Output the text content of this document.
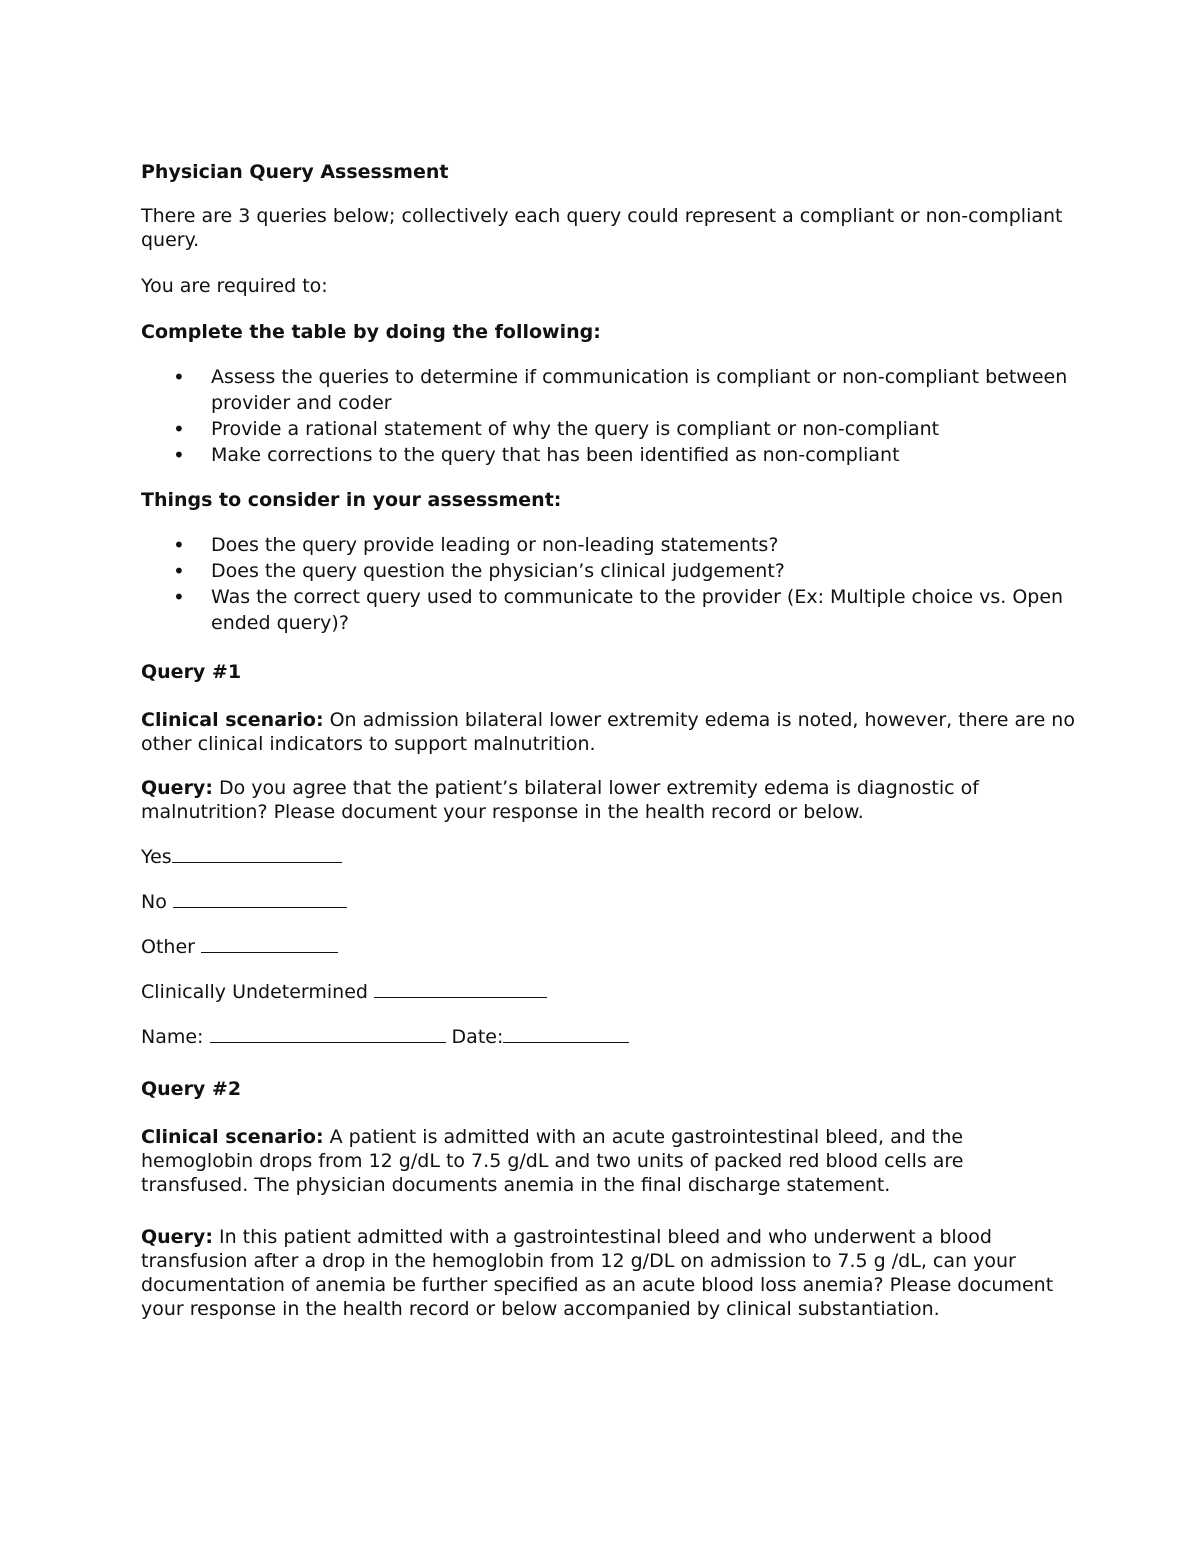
Physician Query Assessment

There are 3 queries below; collectively each query could represent a compliant or non-compliant query.

You are required to:

Complete the table by doing the following:

• Assess the queries to determine if communication is compliant or non-compliant between provider and coder
• Provide a rational statement of why the query is compliant or non-compliant
• Make corrections to the query that has been identified as non-compliant

Things to consider in your assessment:

• Does the query provide leading or non-leading statements?
• Does the query question the physician’s clinical judgement?
• Was the correct query used to communicate to the provider (Ex: Multiple choice vs. Open ended query)?

Query #1

Clinical scenario: On admission bilateral lower extremity edema is noted, however, there are no other clinical indicators to support malnutrition.

Query: Do you agree that the patient’s bilateral lower extremity edema is diagnostic of malnutrition? Please document your response in the health record or below.

Yes

No

Other

Clinically Undetermined

Name:	Date:

Query #2

Clinical scenario: A patient is admitted with an acute gastrointestinal bleed, and the hemoglobin drops from 12 g/dL to 7.5 g/dL and two units of packed red blood cells are transfused. The physician documents anemia in the final discharge statement.

Query: In this patient admitted with a gastrointestinal bleed and who underwent a blood transfusion after a drop in the hemoglobin from 12 g/DL on admission to 7.5 g /dL, can your documentation of anemia be further specified as an acute blood loss anemia? Please document your response in the health record or below accompanied by clinical substantiation.
